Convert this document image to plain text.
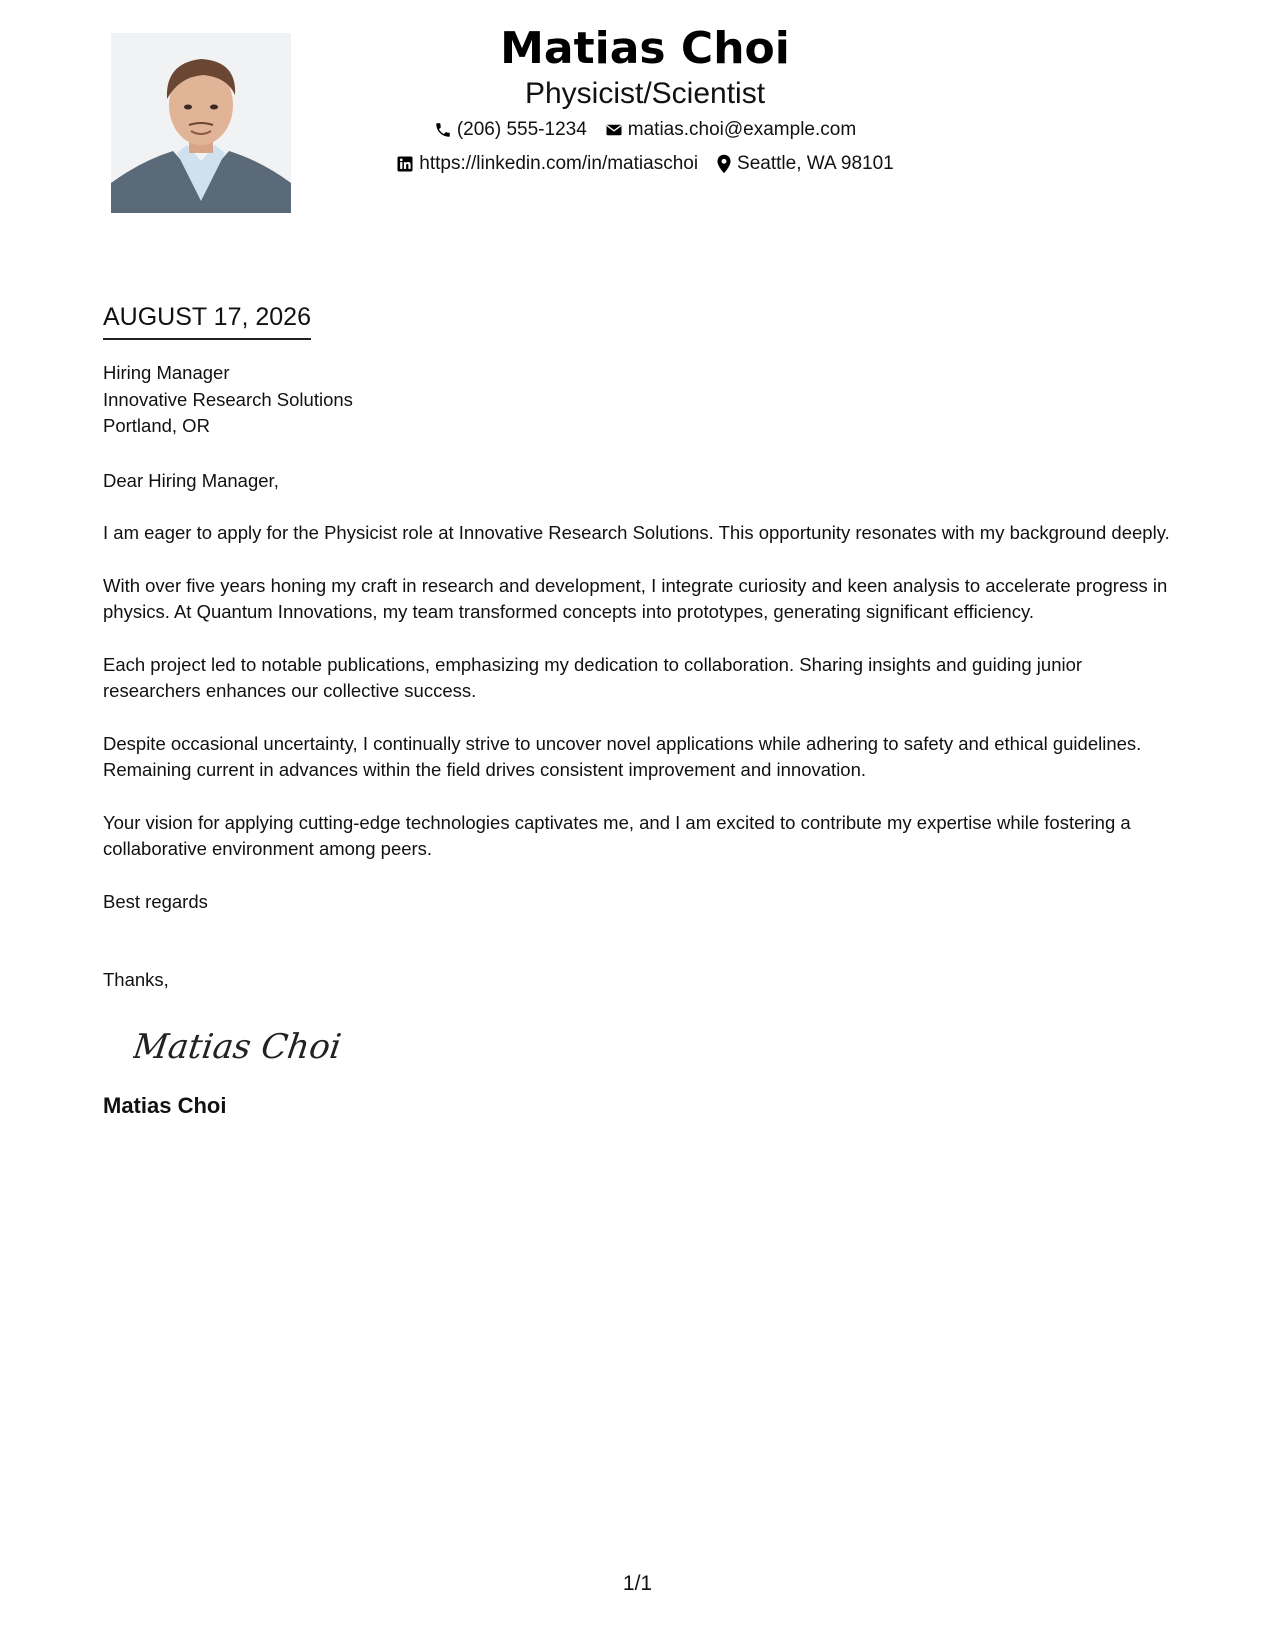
Matias Choi
Physicist/Scientist
(206) 555-1234 matias.choi@example.com
https://linkedin.com/in/matiaschoi Seattle, WA 98101
AUGUST 17, 2026
Hiring Manager
Innovative Research Solutions
Portland, OR
Dear Hiring Manager,
I am eager to apply for the Physicist role at Innovative Research Solutions. This opportunity resonates with my background deeply.
With over five years honing my craft in research and development, I integrate curiosity and keen analysis to accelerate progress in physics. At Quantum Innovations, my team transformed concepts into prototypes, generating significant efficiency.
Each project led to notable publications, emphasizing my dedication to collaboration. Sharing insights and guiding junior researchers enhances our collective success.
Despite occasional uncertainty, I continually strive to uncover novel applications while adhering to safety and ethical guidelines. Remaining current in advances within the field drives consistent improvement and innovation.
Your vision for applying cutting-edge technologies captivates me, and I am excited to contribute my expertise while fostering a collaborative environment among peers.
Best regards
Thanks,
Matias Choi
Matias Choi
1/1
